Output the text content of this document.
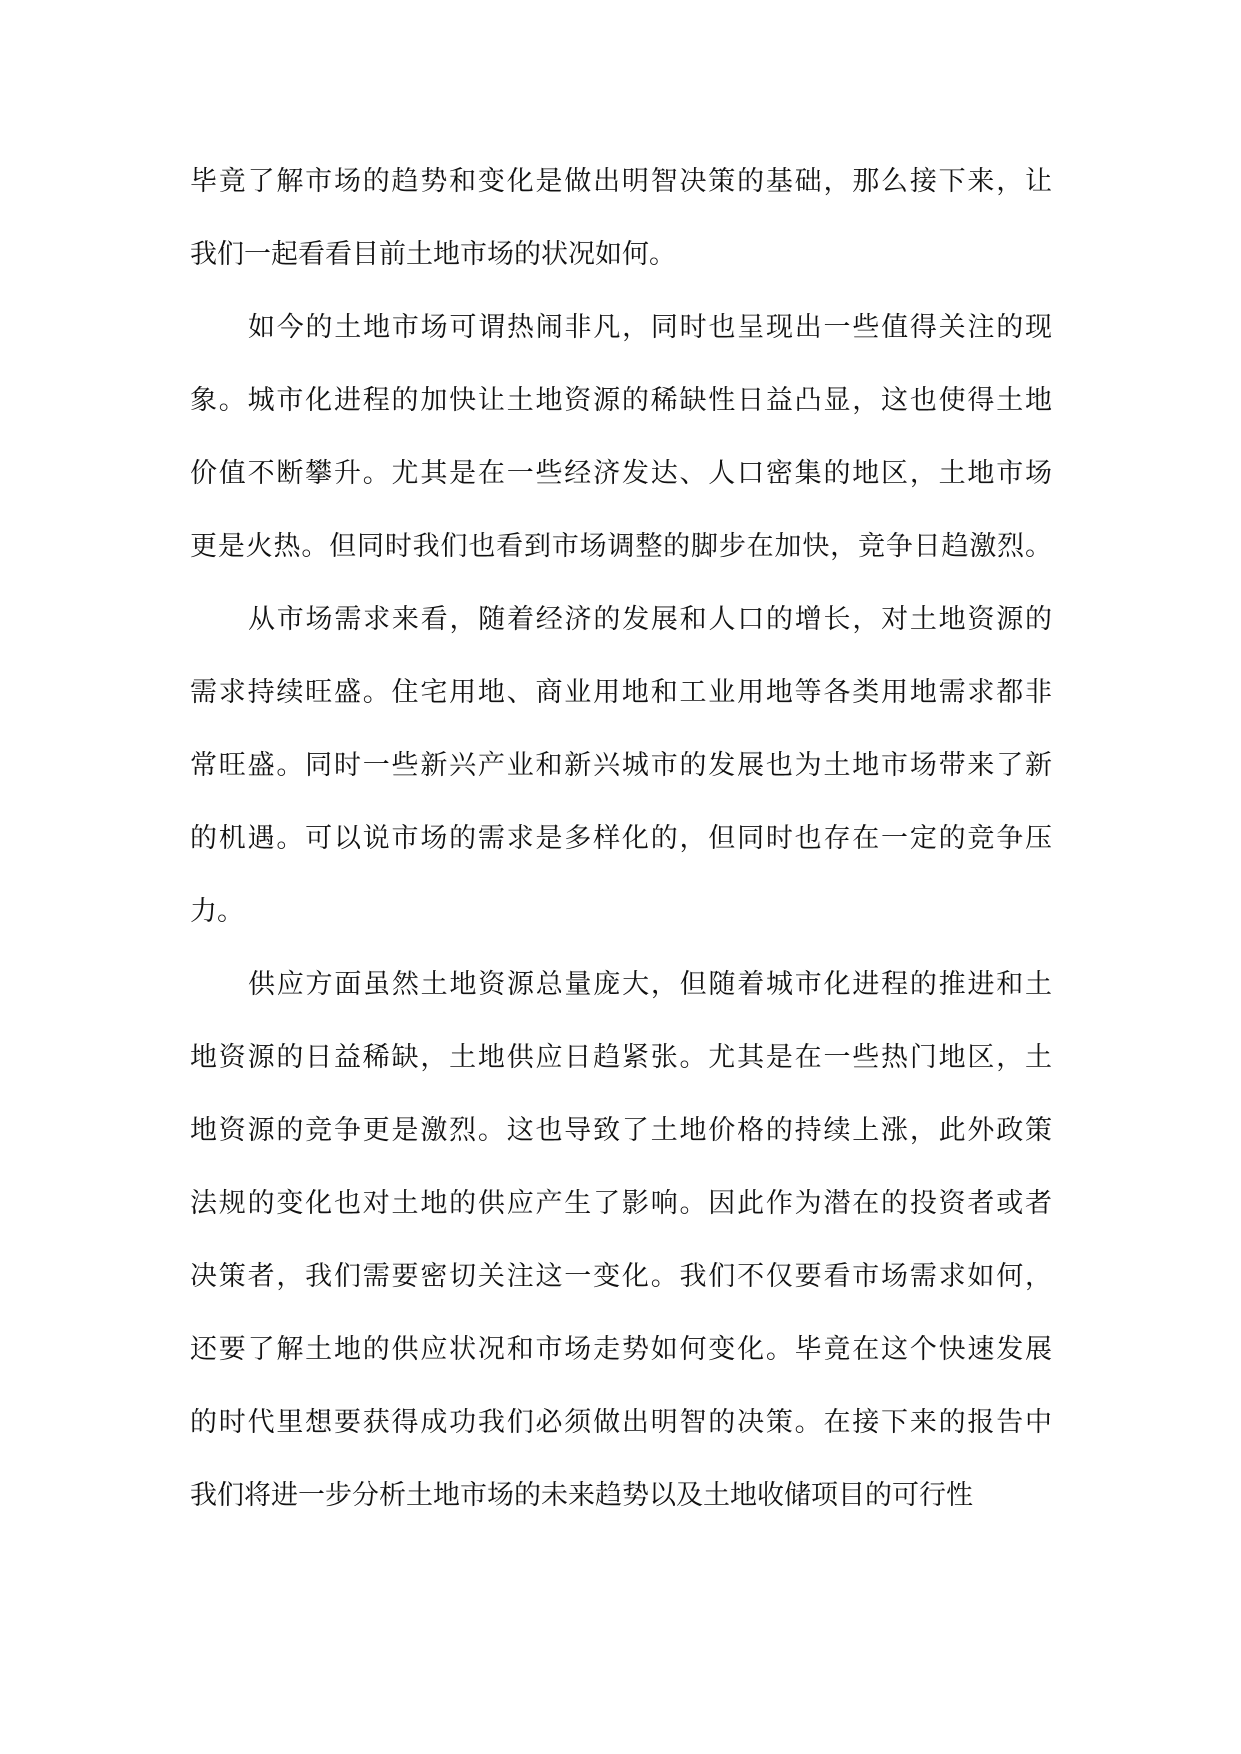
毕竟了解市场的趋势和变化是做出明智决策的基础，那么接下来，让
我们一起看看目前土地市场的状况如何。
如今的土地市场可谓热闹非凡，同时也呈现出一些值得关注的现
象。城市化进程的加快让土地资源的稀缺性日益凸显，这也使得土地
价值不断攀升。尤其是在一些经济发达、人口密集的地区，土地市场
更是火热。但同时我们也看到市场调整的脚步在加快，竞争日趋激烈。
从市场需求来看，随着经济的发展和人口的增长，对土地资源的
需求持续旺盛。住宅用地、商业用地和工业用地等各类用地需求都非
常旺盛。同时一些新兴产业和新兴城市的发展也为土地市场带来了新
的机遇。可以说市场的需求是多样化的，但同时也存在一定的竞争压
力。
供应方面虽然土地资源总量庞大，但随着城市化进程的推进和土
地资源的日益稀缺，土地供应日趋紧张。尤其是在一些热门地区，土
地资源的竞争更是激烈。这也导致了土地价格的持续上涨，此外政策
法规的变化也对土地的供应产生了影响。因此作为潜在的投资者或者
决策者，我们需要密切关注这一变化。我们不仅要看市场需求如何，
还要了解土地的供应状况和市场走势如何变化。毕竟在这个快速发展
的时代里想要获得成功我们必须做出明智的决策。在接下来的报告中
我们将进一步分析土地市场的未来趋势以及土地收储项目的可行性
